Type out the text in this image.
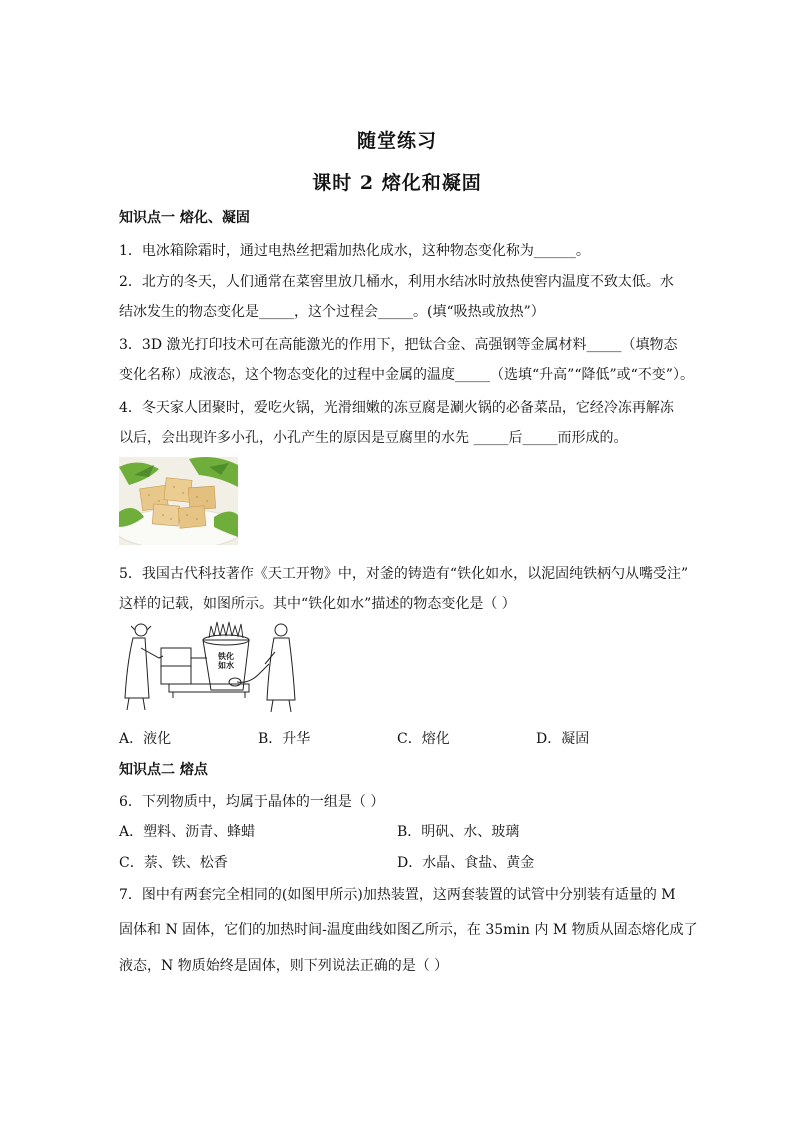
随堂练习
课时 2 熔化和凝固
知识点一 熔化、凝固
1．电冰箱除霜时，通过电热丝把霜加热化成水，这种物态变化称为______。
2．北方的冬天，人们通常在菜窖里放几桶水，利用水结冰时放热使窖内温度不致太低。水
结冰发生的物态变化是_____，这个过程会_____。(填“吸热或放热”）
3．3D 激光打印技术可在高能激光的作用下，把钛合金、高强钢等金属材料_____（填物态
变化名称）成液态，这个物态变化的过程中金属的温度_____（选填“升高”“降低”或“不变”）。
4．冬天家人团聚时，爱吃火锅，光滑细嫩的冻豆腐是涮火锅的必备菜品，它经冷冻再解冻
以后，会出现许多小孔，小孔产生的原因是豆腐里的水先 _____后_____而形成的。
5．我国古代科技著作《天工开物》中，对釜的铸造有“铁化如水，以泥固纯铁柄勺从嘴受注”
这样的记载，如图所示。其中“铁化如水”描述的物态变化是（ ）
铁化如水
A．液化	B．升华	C．熔化	D．凝固
知识点二 熔点
6．下列物质中，均属于晶体的一组是（ ）
A．塑料、沥青、蜂蜡	B．明矾、水、玻璃
C．萘、铁、松香	D．水晶、食盐、黄金
7．图中有两套完全相同的(如图甲所示)加热装置，这两套装置的试管中分别装有适量的 M
固体和 N 固体，它们的加热时间-温度曲线如图乙所示，在 35min 内 M 物质从固态熔化成了
液态，N 物质始终是固体，则下列说法正确的是（ ）
